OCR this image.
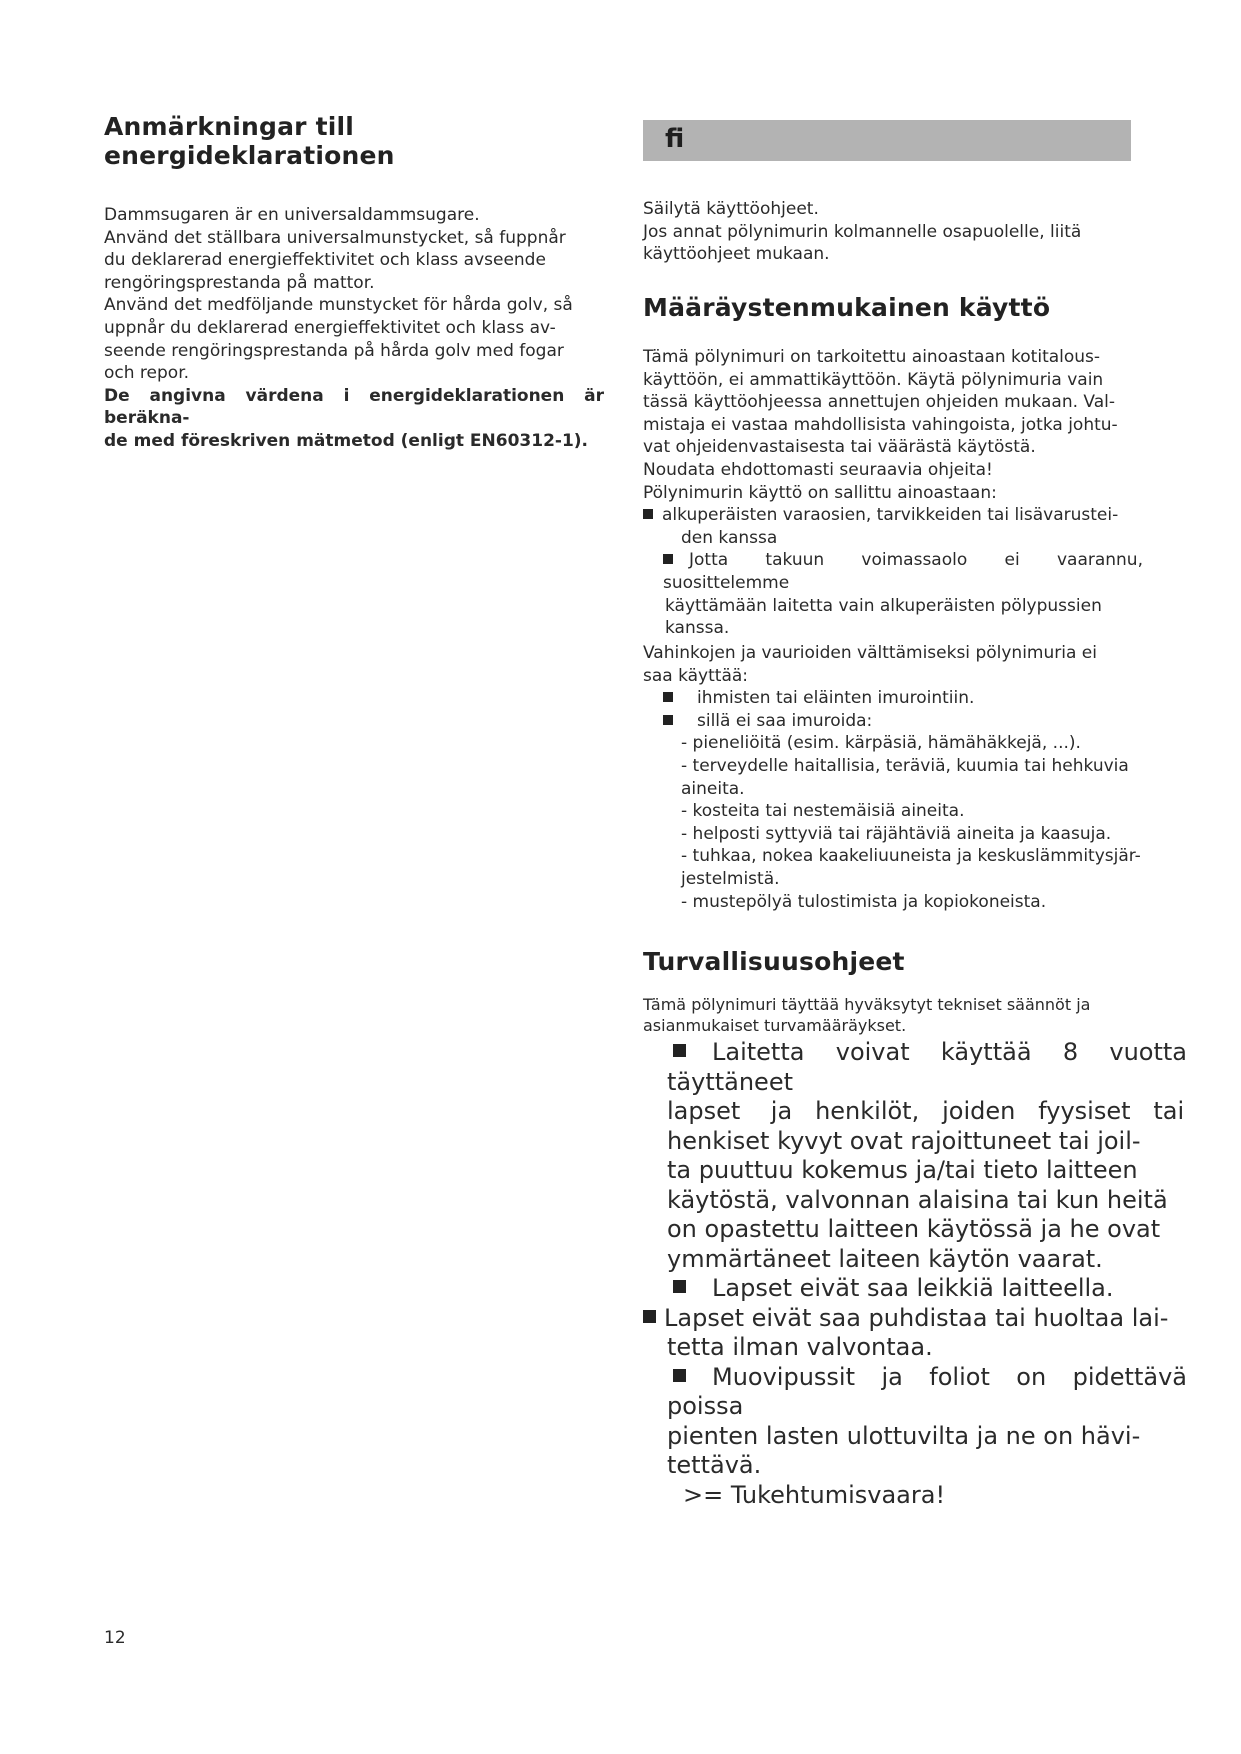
Anmärkningar till energideklarationen

Dammsugaren är en universaldammsugare.

Använd det ställbara universalmunstycket, så fuppnår

du deklarerad energieffektivitet och klass avseende

rengöringsprestanda på mattor.

Använd det medföljande munstycket för hårda golv, så

uppnår du deklarerad energieffektivitet och klass av-

seende rengöringsprestanda på hårda golv med fogar

och repor.

De angivna värdena i energideklarationen är beräkna-

de med föreskriven mätmetod (enligt EN60312-1).

fi

Säilytä käyttöohjeet.

Jos annat pölynimurin kolmannelle osapuolelle, liitä

käyttöohjeet mukaan.

Määräystenmukainen käyttö

Tämä pölynimuri on tarkoitettu ainoastaan kotitalous-

käyttöön, ei ammattikäyttöön. Käytä pölynimuria vain

tässä käyttöohjeessa annettujen ohjeiden mukaan. Val-

mistaja ei vastaa mahdollisista vahingoista, jotka johtu-

vat ohjeidenvastaisesta tai väärästä käytöstä.

Noudata ehdottomasti seuraavia ohjeita!

Pölynimurin käyttö on sallittu ainoastaan:

alkuperäisten varaosien, tarvikkeiden tai lisävarustei-

den kanssa

Jotta takuun voimassaolo ei vaarannu, suosittelemme

käyttämään laitetta vain alkuperäisten pölypussien

kanssa.

Vahinkojen ja vaurioiden välttämiseksi pölynimuria ei

saa käyttää:

ihmisten tai eläinten imurointiin.

sillä ei saa imuroida:

- pieneliöitä (esim. kärpäsiä, hämähäkkejä, ...).

- terveydelle haitallisia, teräviä, kuumia tai hehkuvia

aineita.

- kosteita tai nestemäisiä aineita.

- helposti syttyviä tai räjähtäviä aineita ja kaasuja.

- tuhkaa, nokea kaakeliuuneista ja keskuslämmitysjär-

jestelmistä.

- mustepölyä tulostimista ja kopiokoneista.

Turvallisuusohjeet

Tämä pölynimuri täyttää hyväksytyt tekniset säännöt ja

asianmukaiset turvamääräykset.

Laitetta voivat käyttää 8 vuotta täyttäneet

lapset    ja   henkilöt,   joiden   fyysiset   tai

henkiset kyvyt ovat rajoittuneet tai joil-

ta puuttuu kokemus ja/tai tieto laitteen

käytöstä, valvonnan alaisina tai kun heitä

on opastettu laitteen käytössä ja he ovat

ymmärtäneet laiteen käytön vaarat.

Lapset eivät saa leikkiä laitteella.

Lapset eivät saa puhdistaa tai huoltaa lai-

tetta ilman valvontaa.

Muovipussit ja foliot on pidettävä poissa

pienten lasten ulottuvilta ja ne on hävi-

tettävä.

>= Tukehtumisvaara!

12
